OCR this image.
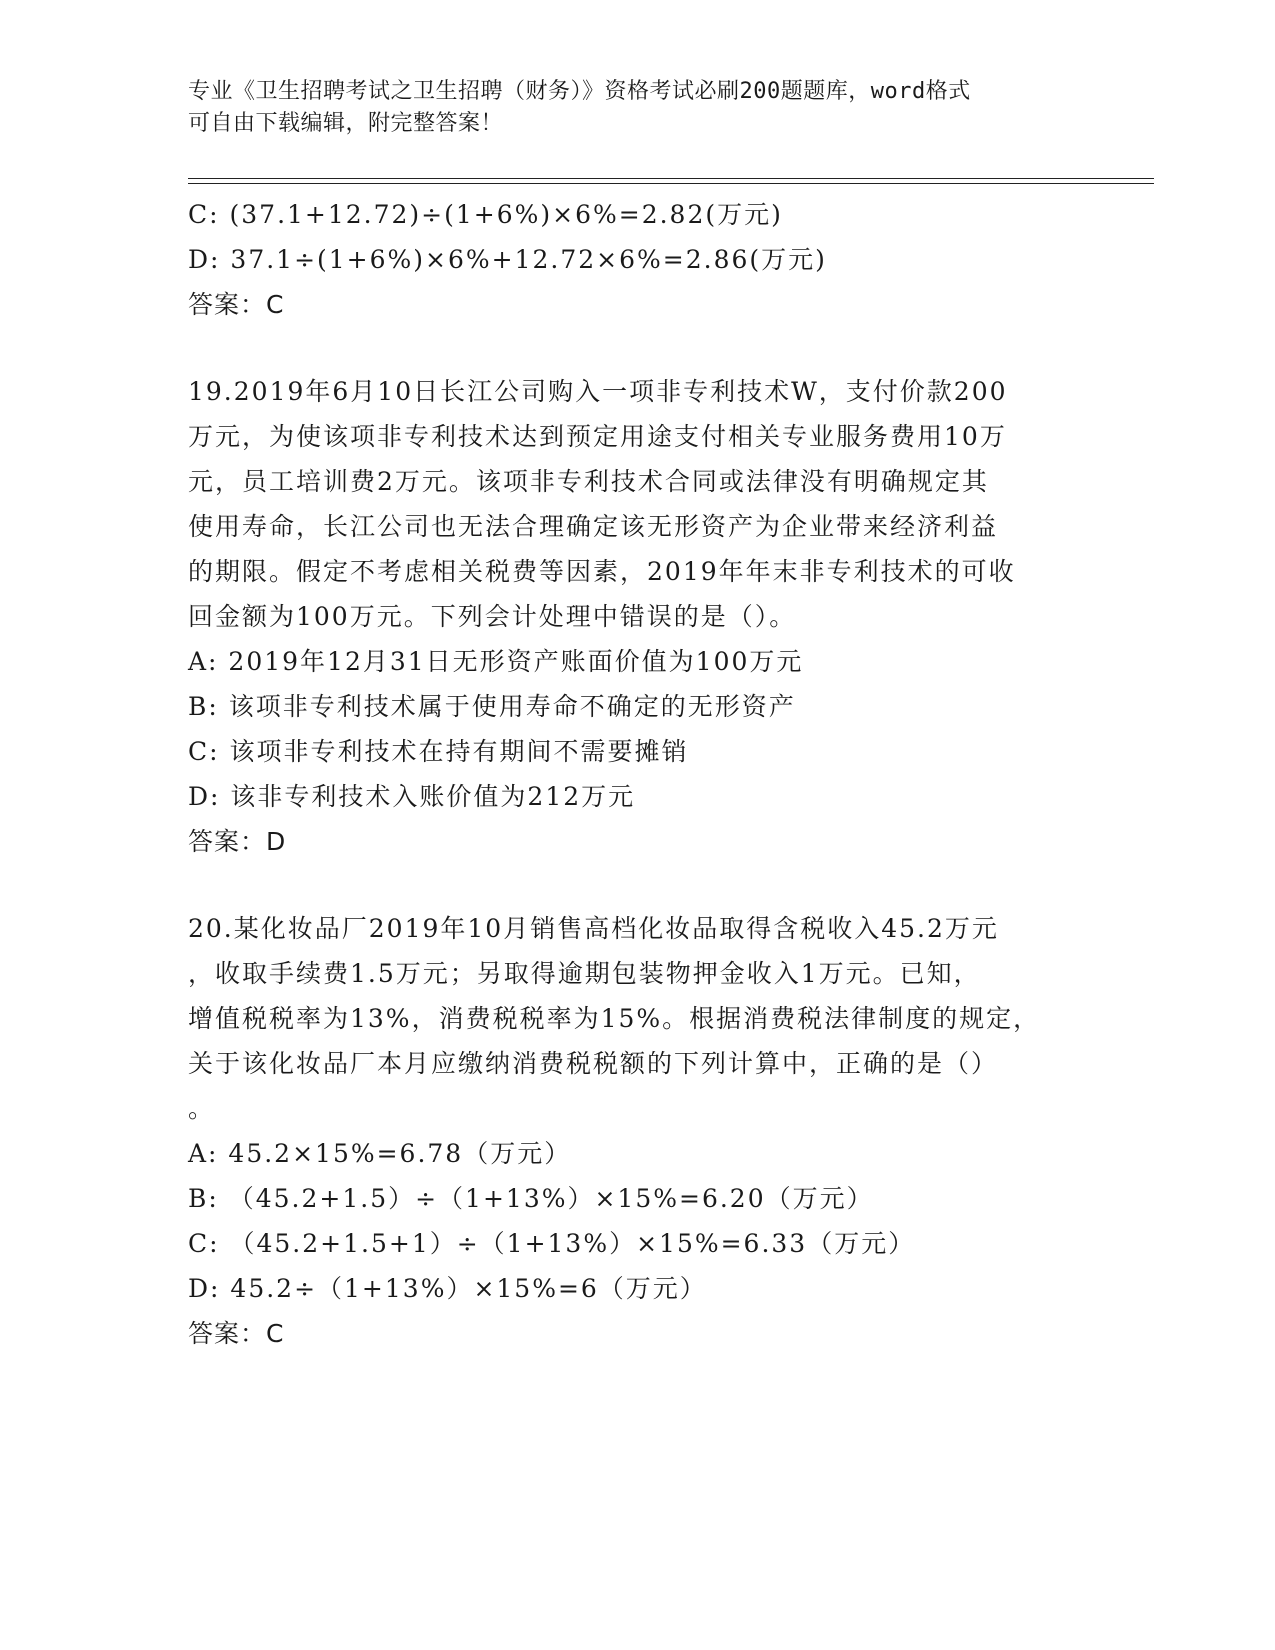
专业《卫生招聘考试之卫生招聘（财务）》资格考试必刷200题题库，word格式
可自由下载编辑，附完整答案！
C: (37.1+12.72)÷(1+6%)×6%=2.82(万元)
D: 37.1÷(1+6%)×6%+12.72×6%=2.86(万元)
答案：C
19.2019年6月10日长江公司购入一项非专利技术W，支付价款200
万元，为使该项非专利技术达到预定用途支付相关专业服务费用10万
元，员工培训费2万元。该项非专利技术合同或法律没有明确规定其
使用寿命，长江公司也无法合理确定该无形资产为企业带来经济利益
的期限。假定不考虑相关税费等因素，2019年年末非专利技术的可收
回金额为100万元。下列会计处理中错误的是（）。
A: 2019年12月31日无形资产账面价值为100万元
B: 该项非专利技术属于使用寿命不确定的无形资产
C: 该项非专利技术在持有期间不需要摊销
D: 该非专利技术入账价值为212万元
答案：D
20.某化妆品厂2019年10月销售高档化妆品取得含税收入45.2万元
，收取手续费1.5万元；另取得逾期包装物押金收入1万元。已知，
增值税税率为13%，消费税税率为15%。根据消费税法律制度的规定，
关于该化妆品厂本月应缴纳消费税税额的下列计算中，正确的是（）
。
A: 45.2×15%=6.78（万元）
B: （45.2+1.5）÷（1+13%）×15%=6.20（万元）
C: （45.2+1.5+1）÷（1+13%）×15%=6.33（万元）
D: 45.2÷（1+13%）×15%=6（万元）
答案：C
